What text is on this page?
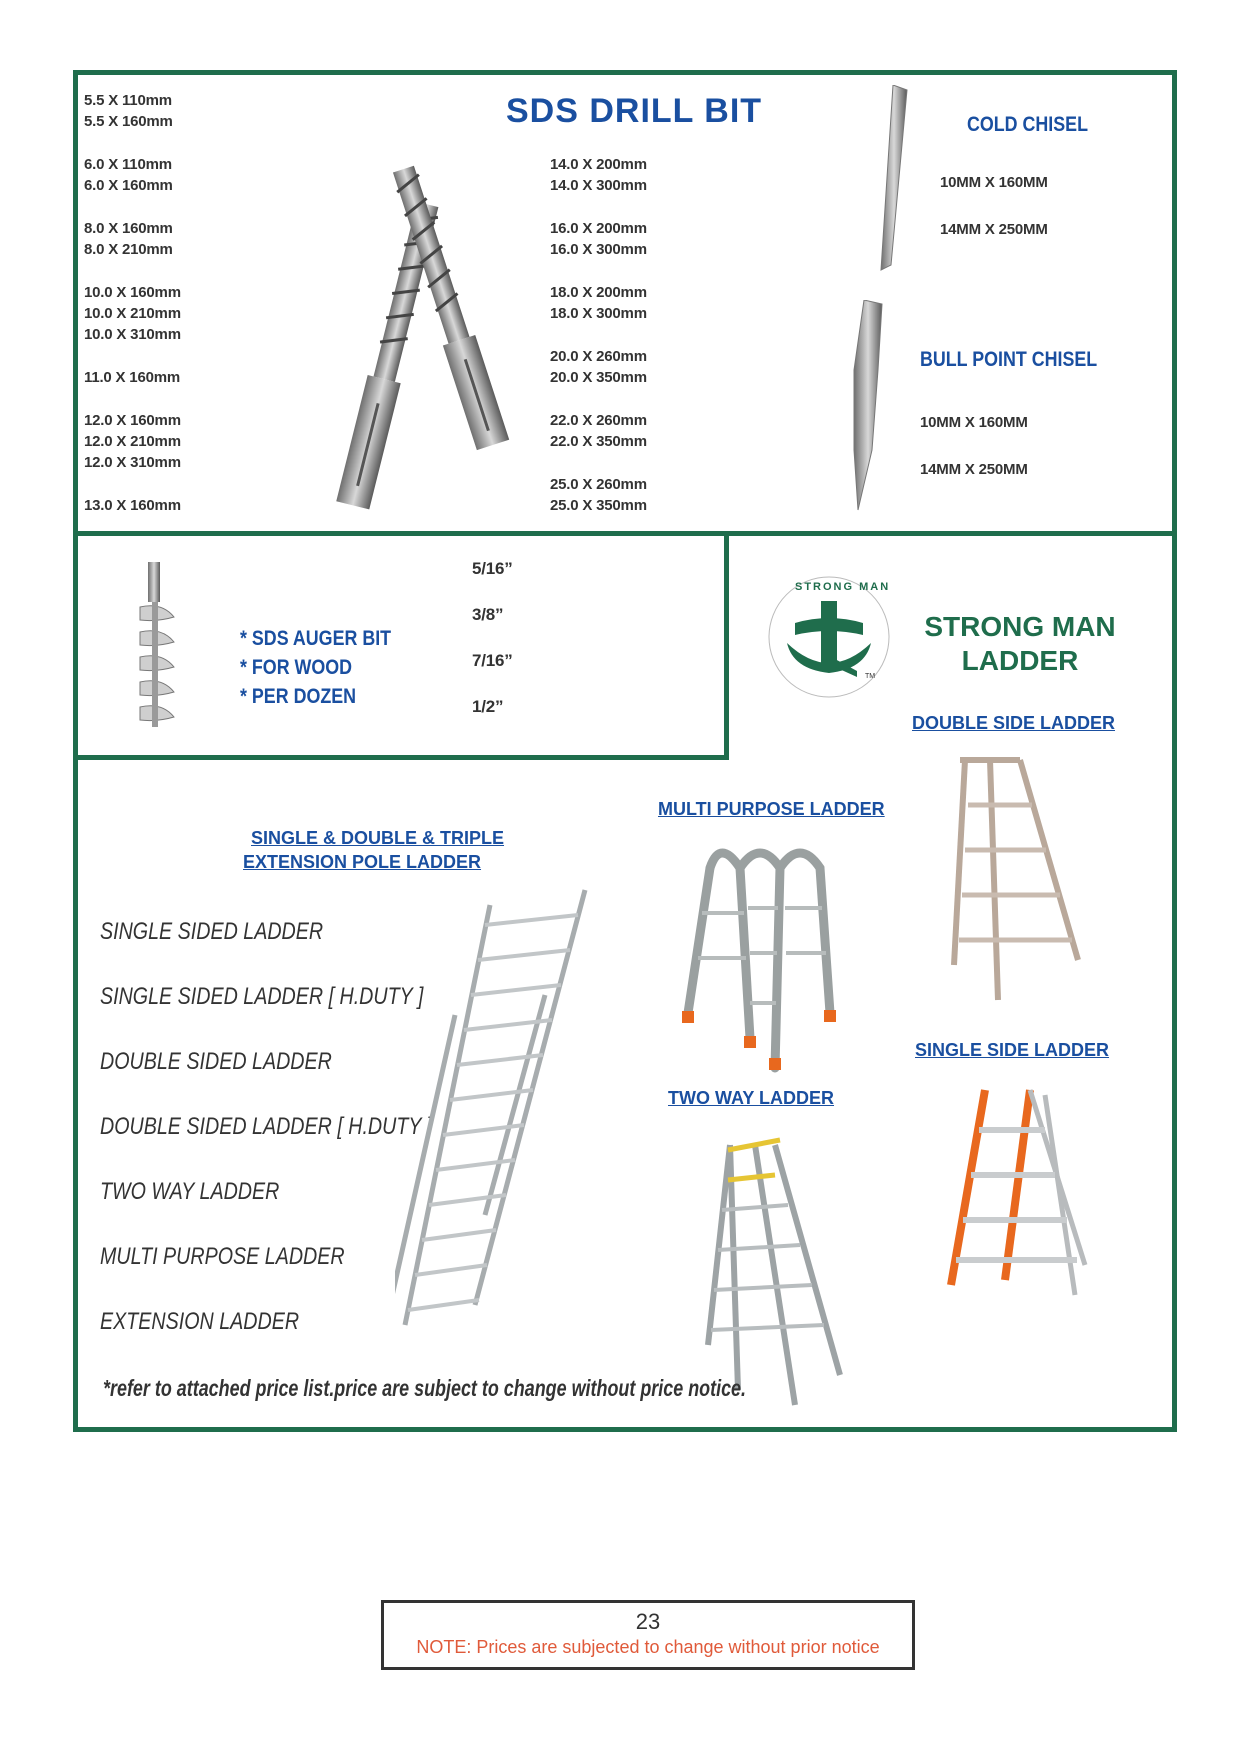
SDS DRILL BIT
5.5 X 110mm
5.5 X 160mm
6.0 X 110mm
6.0 X 160mm
8.0 X 160mm
8.0 X 210mm
10.0 X 160mm
10.0 X 210mm
10.0 X 310mm
11.0 X 160mm
12.0 X 160mm
12.0 X 210mm
12.0 X 310mm
13.0 X 160mm
14.0 X 200mm
14.0 X 300mm
16.0 X 200mm
16.0 X 300mm
18.0 X 200mm
18.0 X 300mm
20.0 X 260mm
20.0 X 350mm
22.0 X 260mm
22.0 X 350mm
25.0 X 260mm
25.0 X 350mm
COLD CHISEL
10MM X 160MM
14MM X 250MM
BULL POINT CHISEL
10MM X 160MM
14MM X 250MM
* SDS AUGER BIT
* FOR WOOD
* PER DOZEN
5/16”
3/8”
7/16”
1/2”
STRONG MAN
TM
STRONG MAN
LADDER
DOUBLE SIDE LADDER
MULTI PURPOSE LADDER
SINGLE & DOUBLE & TRIPLE
EXTENSION POLE LADDER
SINGLE SIDED LADDER
SINGLE SIDED LADDER [ H.DUTY ]
DOUBLE SIDED LADDER
DOUBLE SIDED LADDER [ H.DUTY ]
TWO WAY LADDER
MULTI PURPOSE LADDER
EXTENSION LADDER
SINGLE SIDE LADDER
TWO WAY LADDER
*refer to attached price list.price are subject to change without price notice.
23
NOTE: Prices are subjected to change without prior notice
